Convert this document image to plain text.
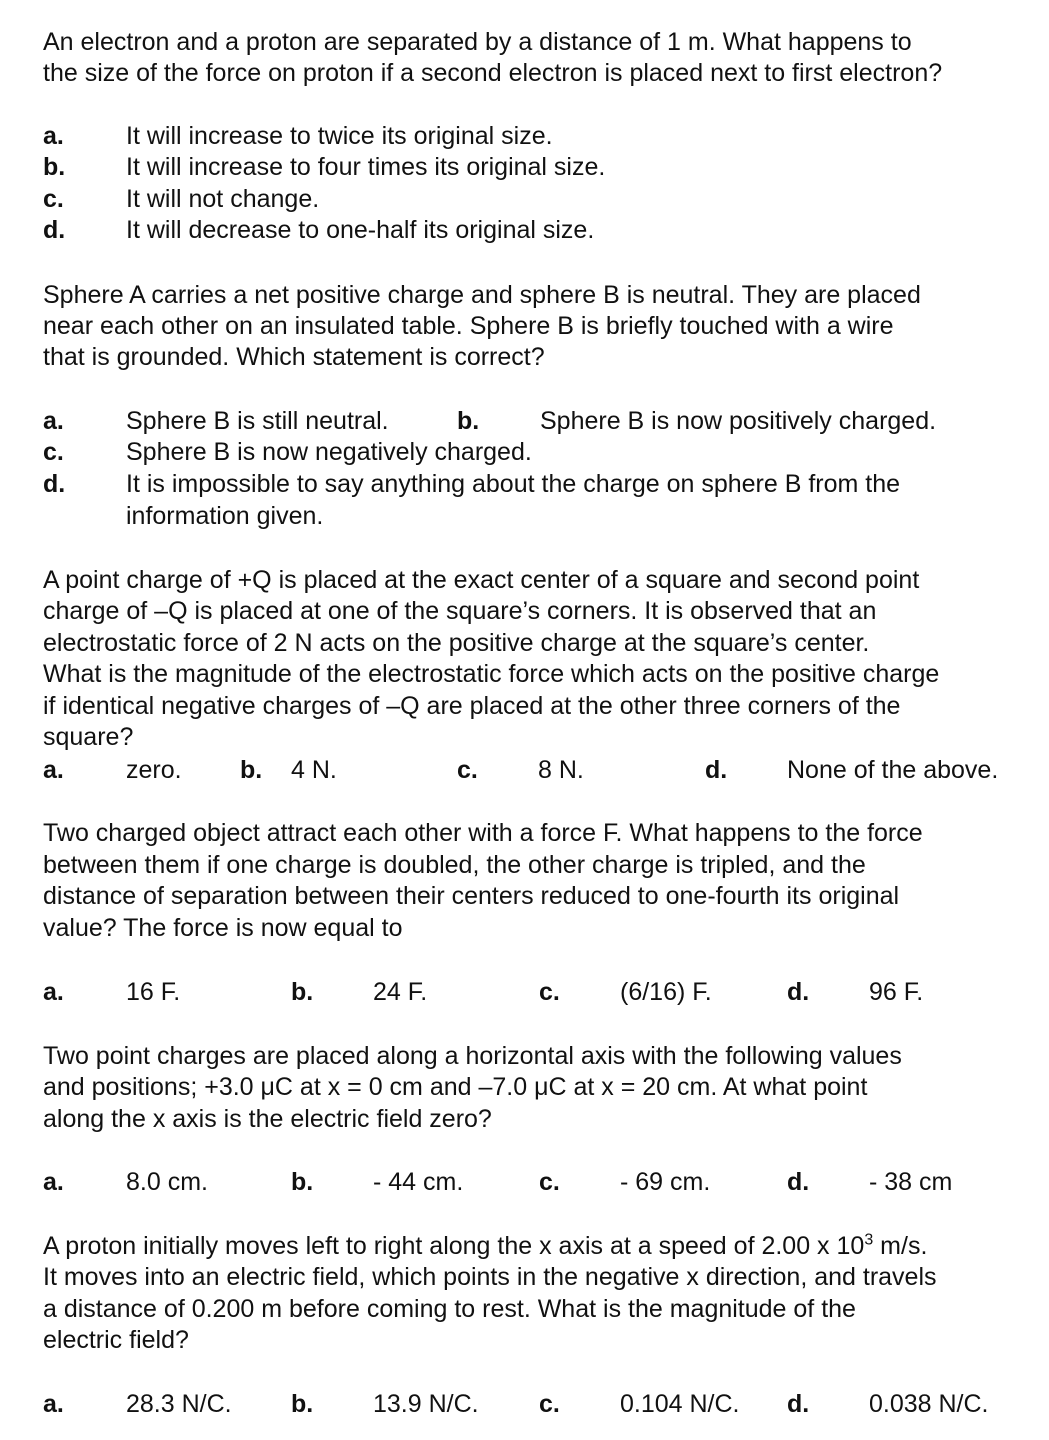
An electron and a proton are separated by a distance of 1 m. What happens to
the size of the force on proton if a second electron is placed next to first electron?
a. It will increase to twice its original size.
b. It will increase to four times its original size.
c. It will not change.
d. It will decrease to one-half its original size.
Sphere A carries a net positive charge and sphere B is neutral. They are placed
near each other on an insulated table. Sphere B is briefly touched with a wire
that is grounded. Which statement is correct?
a. Sphere B is still neutral.	b. Sphere B is now positively charged.
c. Sphere B is now negatively charged.
d. It is impossible to say anything about the charge on sphere B from the
information given.
A point charge of +Q is placed at the exact center of a square and second point
charge of –Q is placed at one of the square’s corners. It is observed that an
electrostatic force of 2 N acts on the positive charge at the square’s center.
What is the magnitude of the electrostatic force which acts on the positive charge
if identical negative charges of –Q are placed at the other three corners of the
square?
a. zero. b. 4 N.	c. 8 N.	d. None of the above.
Two charged object attract each other with a force F. What happens to the force
between them if one charge is doubled, the other charge is tripled, and the
distance of separation between their centers reduced to one-fourth its original
value? The force is now equal to
a. 16 F.	b. 24 F.	c. (6/16) F.	d. 96 F.
Two point charges are placed along a horizontal axis with the following values
and positions; +3.0 μC at x = 0 cm and –7.0 μC at x = 20 cm. At what point
along the x axis is the electric field zero?
a. 8.0 cm.	b. - 44 cm.	c. - 69 cm.	d. - 38 cm
A proton initially moves left to right along the x axis at a speed of 2.00 x $10^3$ m/s.
It moves into an electric field, which points in the negative x direction, and travels
a distance of 0.200 m before coming to rest. What is the magnitude of the
electric field?
a. 28.3 N/C. b. 13.9 N/C. c. 0.104 N/C. d. 0.038 N/C.
